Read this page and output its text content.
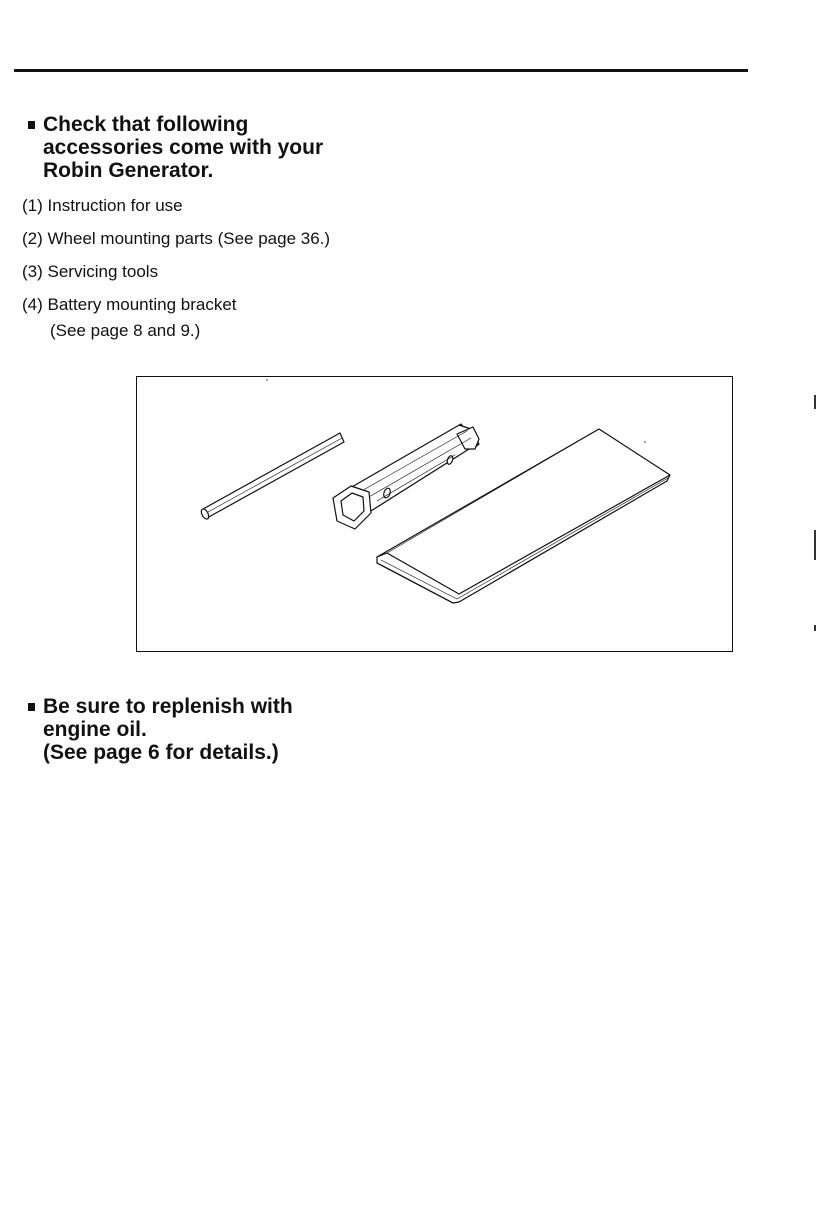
Check that following
accessories come with your
Robin Generator.
(1) Instruction for use
(2) Wheel mounting parts (See page 36.)
(3) Servicing tools
(4) Battery mounting bracket
(See page 8 and 9.)
Be sure to replenish with
engine oil.
(See page 6 for details.)
